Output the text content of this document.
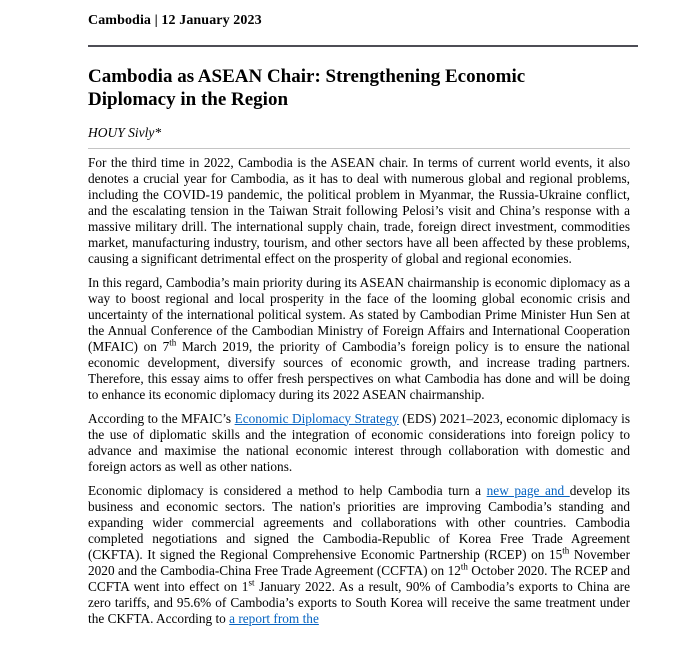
Cambodia | 12 January 2023
Cambodia as ASEAN Chair: Strengthening Economic Diplomacy in the Region
HOUY Sivly*

For the third time in 2022, Cambodia is the ASEAN chair. In terms of current world events, it also denotes a crucial year for Cambodia, as it has to deal with numerous global and regional problems, including the COVID-19 pandemic, the political problem in Myanmar, the Russia-Ukraine conflict, and the escalating tension in the Taiwan Strait following Pelosi’s visit and China’s response with a massive military drill. The international supply chain, trade, foreign direct investment, commodities market, manufacturing industry, tourism, and other sectors have all been affected by these problems, causing a significant detrimental effect on the prosperity of global and regional economies.

In this regard, Cambodia’s main priority during its ASEAN chairmanship is economic diplomacy as a way to boost regional and local prosperity in the face of the looming global economic crisis and uncertainty of the international political system. As stated by Cambodian Prime Minister Hun Sen at the Annual Conference of the Cambodian Ministry of Foreign Affairs and International Cooperation (MFAIC) on 7th March 2019, the priority of Cambodia’s foreign policy is to ensure the national economic development, diversify sources of economic growth, and increase trading partners. Therefore, this essay aims to offer fresh perspectives on what Cambodia has done and will be doing to enhance its economic diplomacy during its 2022 ASEAN chairmanship.

According to the MFAIC’s Economic Diplomacy Strategy (EDS) 2021–2023, economic diplomacy is the use of diplomatic skills and the integration of economic considerations into foreign policy to advance and maximise the national economic interest through collaboration with domestic and foreign actors as well as other nations.

Economic diplomacy is considered a method to help Cambodia turn a new page and develop its business and economic sectors. The nation's priorities are improving Cambodia’s standing and expanding wider commercial agreements and collaborations with other countries. Cambodia completed negotiations and signed the Cambodia-Republic of Korea Free Trade Agreement (CKFTA). It signed the Regional Comprehensive Economic Partnership (RCEP) on 15th November 2020 and the Cambodia-China Free Trade Agreement (CCFTA) on 12th October 2020. The RCEP and CCFTA went into effect on 1st January 2022. As a result, 90% of Cambodia’s exports to China are zero tariffs, and 95.6% of Cambodia’s exports to South Korea will receive the same treatment under the CKFTA. According to a report from the
